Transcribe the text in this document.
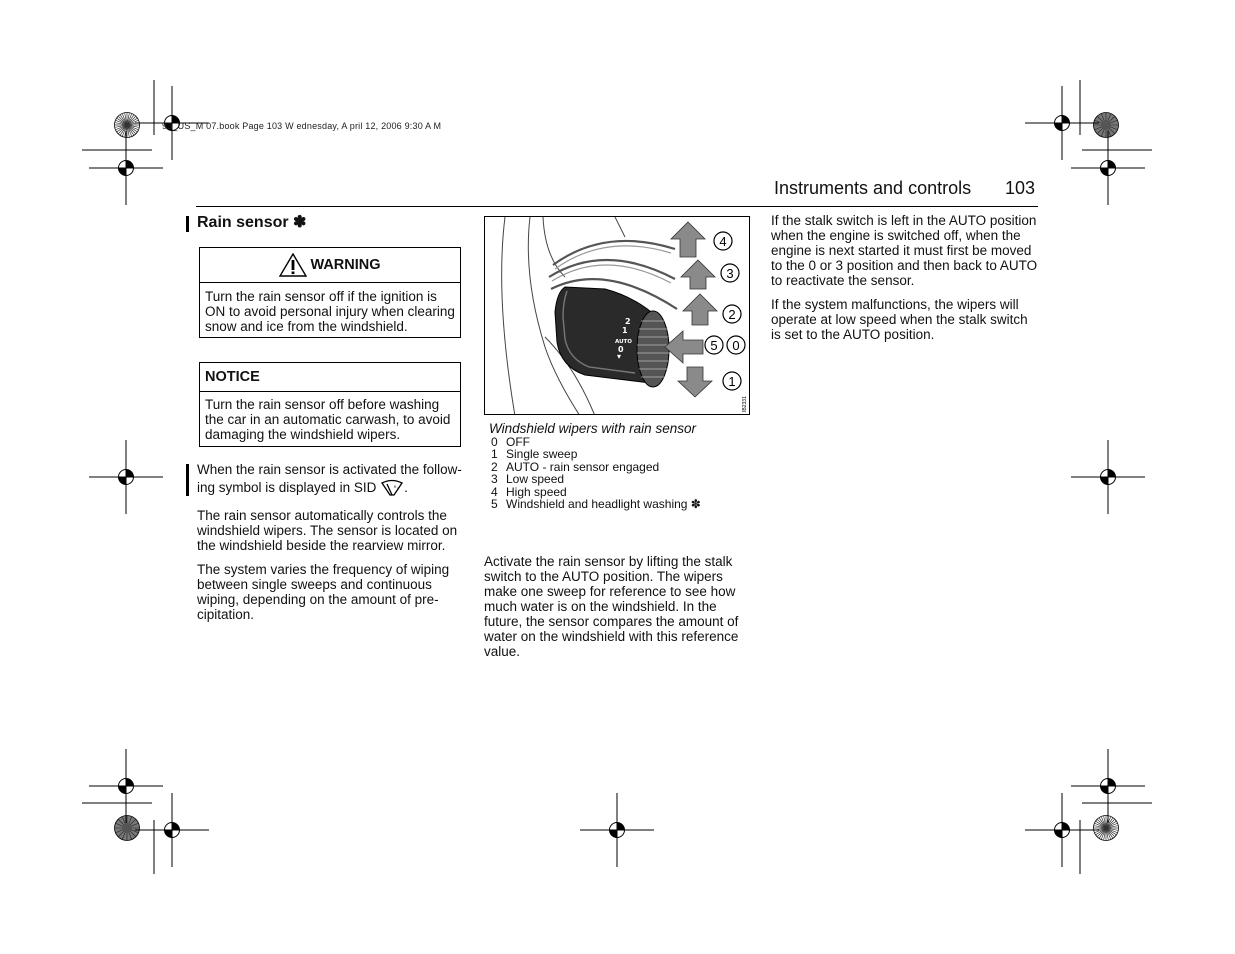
93_US_M 07.book Page 103 W ednesday, A pril 12, 2006 9:30 A M
Instruments and controls 103
Rain sensor ✽
WARNING
Turn the rain sensor off if the ignition is ON to avoid personal injury when clearing snow and ice from the windshield.
NOTICE
Turn the rain sensor off before washing the car in an automatic carwash, to avoid damaging the windshield wipers.

When the rain sensor is activated the follow-
ing symbol is displayed in SID .

The rain sensor automatically controls the windshield wipers. The sensor is located on the windshield beside the rearview mirror.

The system varies the frequency of wiping between single sweeps and continuous wiping, depending on the amount of pre-cipitation.

2
1
AUTO
0
▾
4
3
2
5 0
1
IB2331
Windshield wipers with rain sensor
0 OFF
1 Single sweep
2 AUTO - rain sensor engaged
3 Low speed
4 High speed
5 Windshield and headlight washing ✽

Activate the rain sensor by lifting the stalk switch to the AUTO position. The wipers make one sweep for reference to see how much water is on the windshield. In the future, the sensor compares the amount of water on the windshield with this reference value.

If the stalk switch is left in the AUTO position when the engine is switched off, when the engine is next started it must first be moved to the 0 or 3 position and then back to AUTO to reactivate the sensor.

If the system malfunctions, the wipers will operate at low speed when the stalk switch is set to the AUTO position.
